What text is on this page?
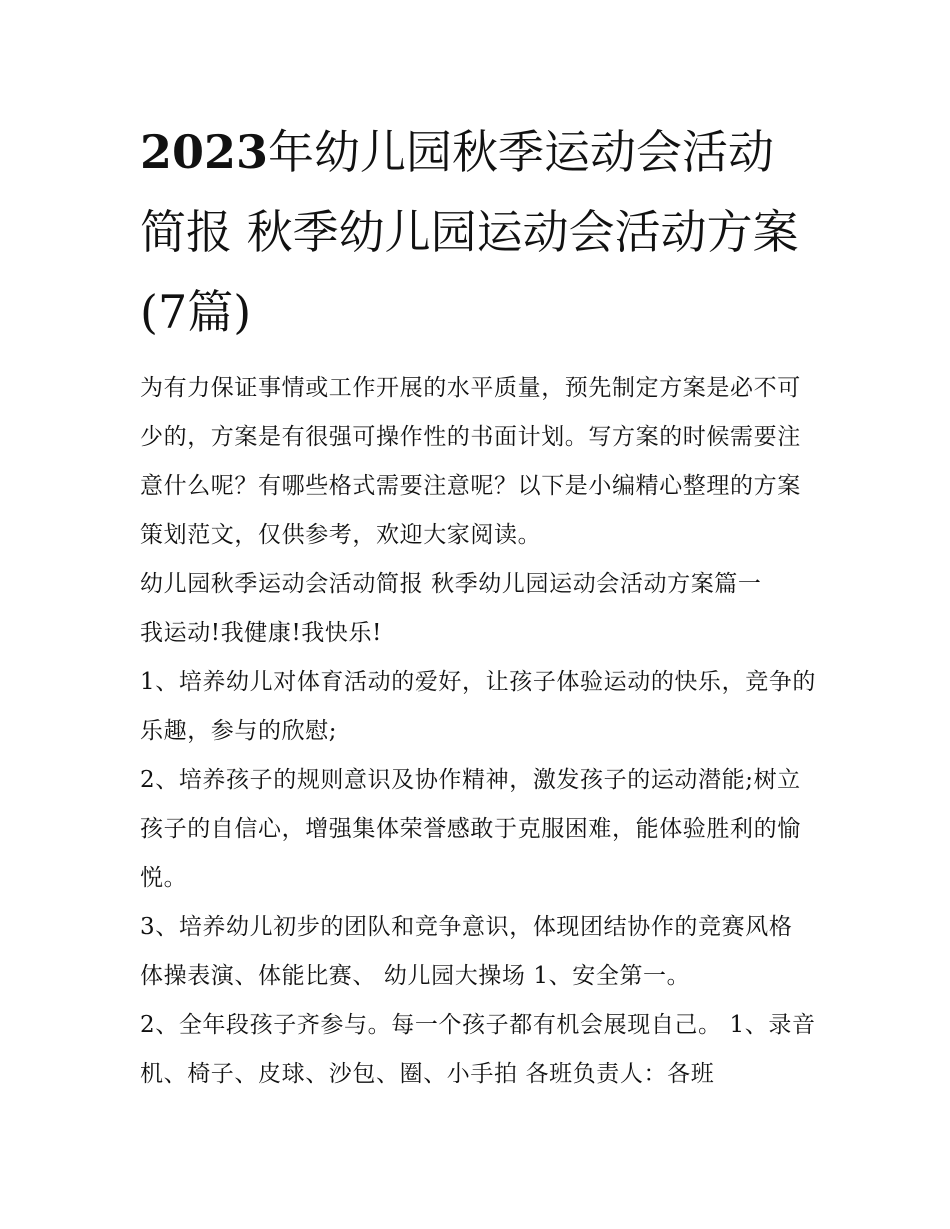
2023年幼儿园秋季运动会活动简报 秋季幼儿园运动会活动方案(7篇)

为有力保证事情或工作开展的水平质量，预先制定方案是必不可少的，方案是有很强可操作性的书面计划。写方案的时候需要注意什么呢？有哪些格式需要注意呢？以下是小编精心整理的方案策划范文，仅供参考，欢迎大家阅读。

幼儿园秋季运动会活动简报 秋季幼儿园运动会活动方案篇一

我运动!我健康!我快乐!

1、培养幼儿对体育活动的爱好，让孩子体验运动的快乐，竞争的乐趣，参与的欣慰;

2、培养孩子的规则意识及协作精神，激发孩子的运动潜能;树立孩子的自信心，增强集体荣誉感敢于克服困难，能体验胜利的愉悦。

3、培养幼儿初步的团队和竞争意识，体现团结协作的竞赛风格 体操表演、体能比赛、 幼儿园大操场 1、安全第一。

2、全年段孩子齐参与。每一个孩子都有机会展现自己。 1、录音机、椅子、皮球、沙包、圈、小手拍 各班负责人：各班
